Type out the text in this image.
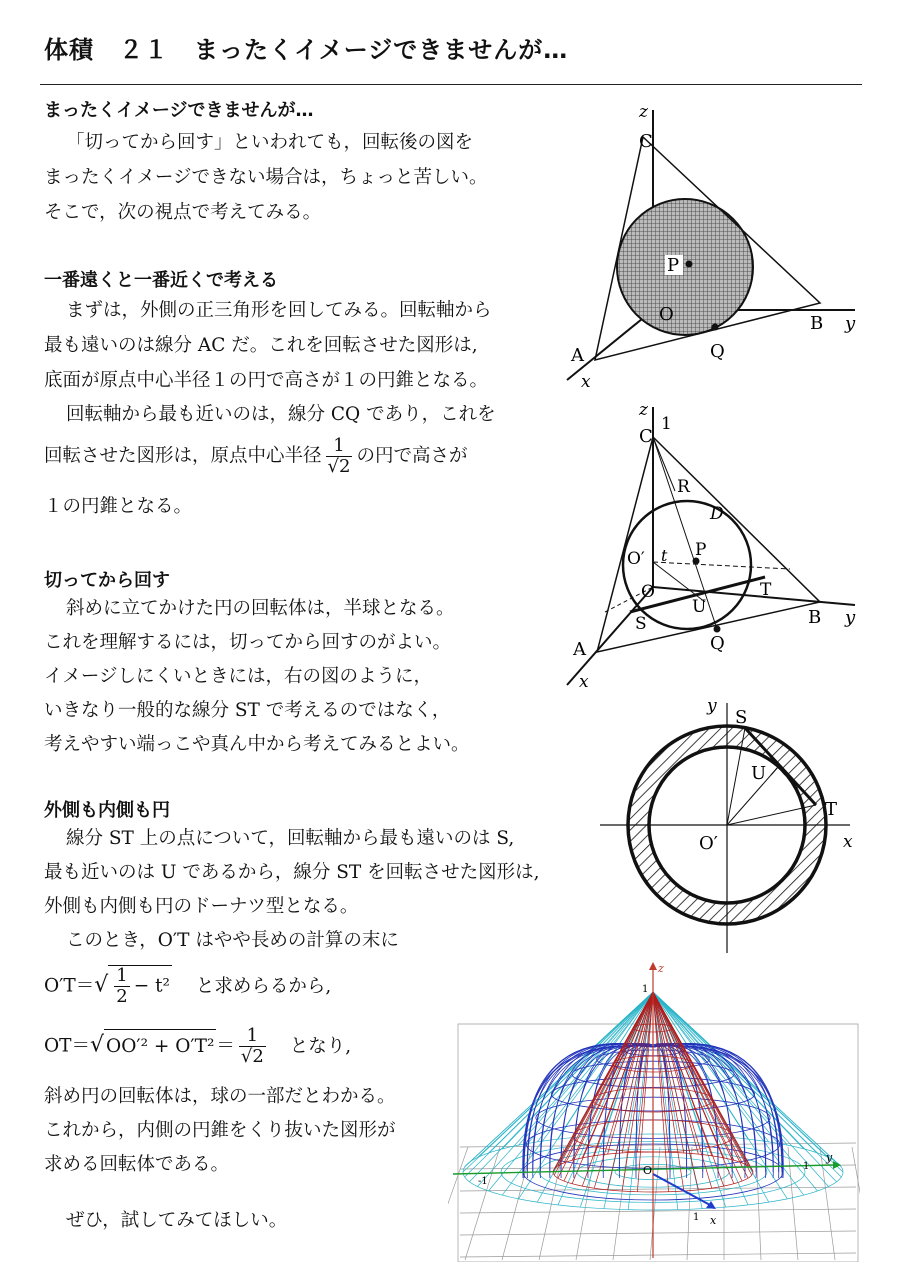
体積　２１　まったくイメージできませんが…
まったくイメージできませんが…
「切ってから回す」といわれても，回転後の図を
まったくイメージできない場合は，ちょっと苦しい。
そこで，次の視点で考えてみる。
一番遠くと一番近くで考える
まずは，外側の正三角形を回してみる。回転軸から
最も遠いのは線分 AC だ。これを回転させた図形は,
底面が原点中心半径１の円で高さが１の円錐となる。
回転軸から最も近いのは，線分 CQ であり，これを
回転させた図形は，原点中心半径 $\frac{1}{√2}$ の円で高さが
１の円錐となる。
切ってから回す
斜めに立てかけた円の回転体は，半球となる。
これを理解するには，切ってから回すのがよい。
イメージしにくいときには，右の図のように，
いきなり一般的な線分 ST で考えるのではなく，
考えやすい端っこや真ん中から考えてみるとよい。
外側も内側も円
線分 ST 上の点について，回転軸から最も遠いのは S,
最も近いのは U であるから，線分 ST を回転させた図形は,
外側も内側も円のドーナツ型となる。
このとき，O′T はやや長めの計算の末に
$O'T=√ \frac{1}{2} - t^2$ と求めらるから,
OT＝√ $OO'^2 + O'T^2 = \frac{1}{√2}$ となり,
斜め円の回転体は，球の一部だとわかる。
これから，内側の円錐をくり抜いた図形が
求める回転体である。
ぜひ，試してみてほしい。
z
C
P
O	B y
A	Q
x
z
1
C
R
D
P
O′ t
O
U
T
S	B y
A	Q
x
y
S
U
T
O′	x
z
1
O	1
y
-1
1 x
